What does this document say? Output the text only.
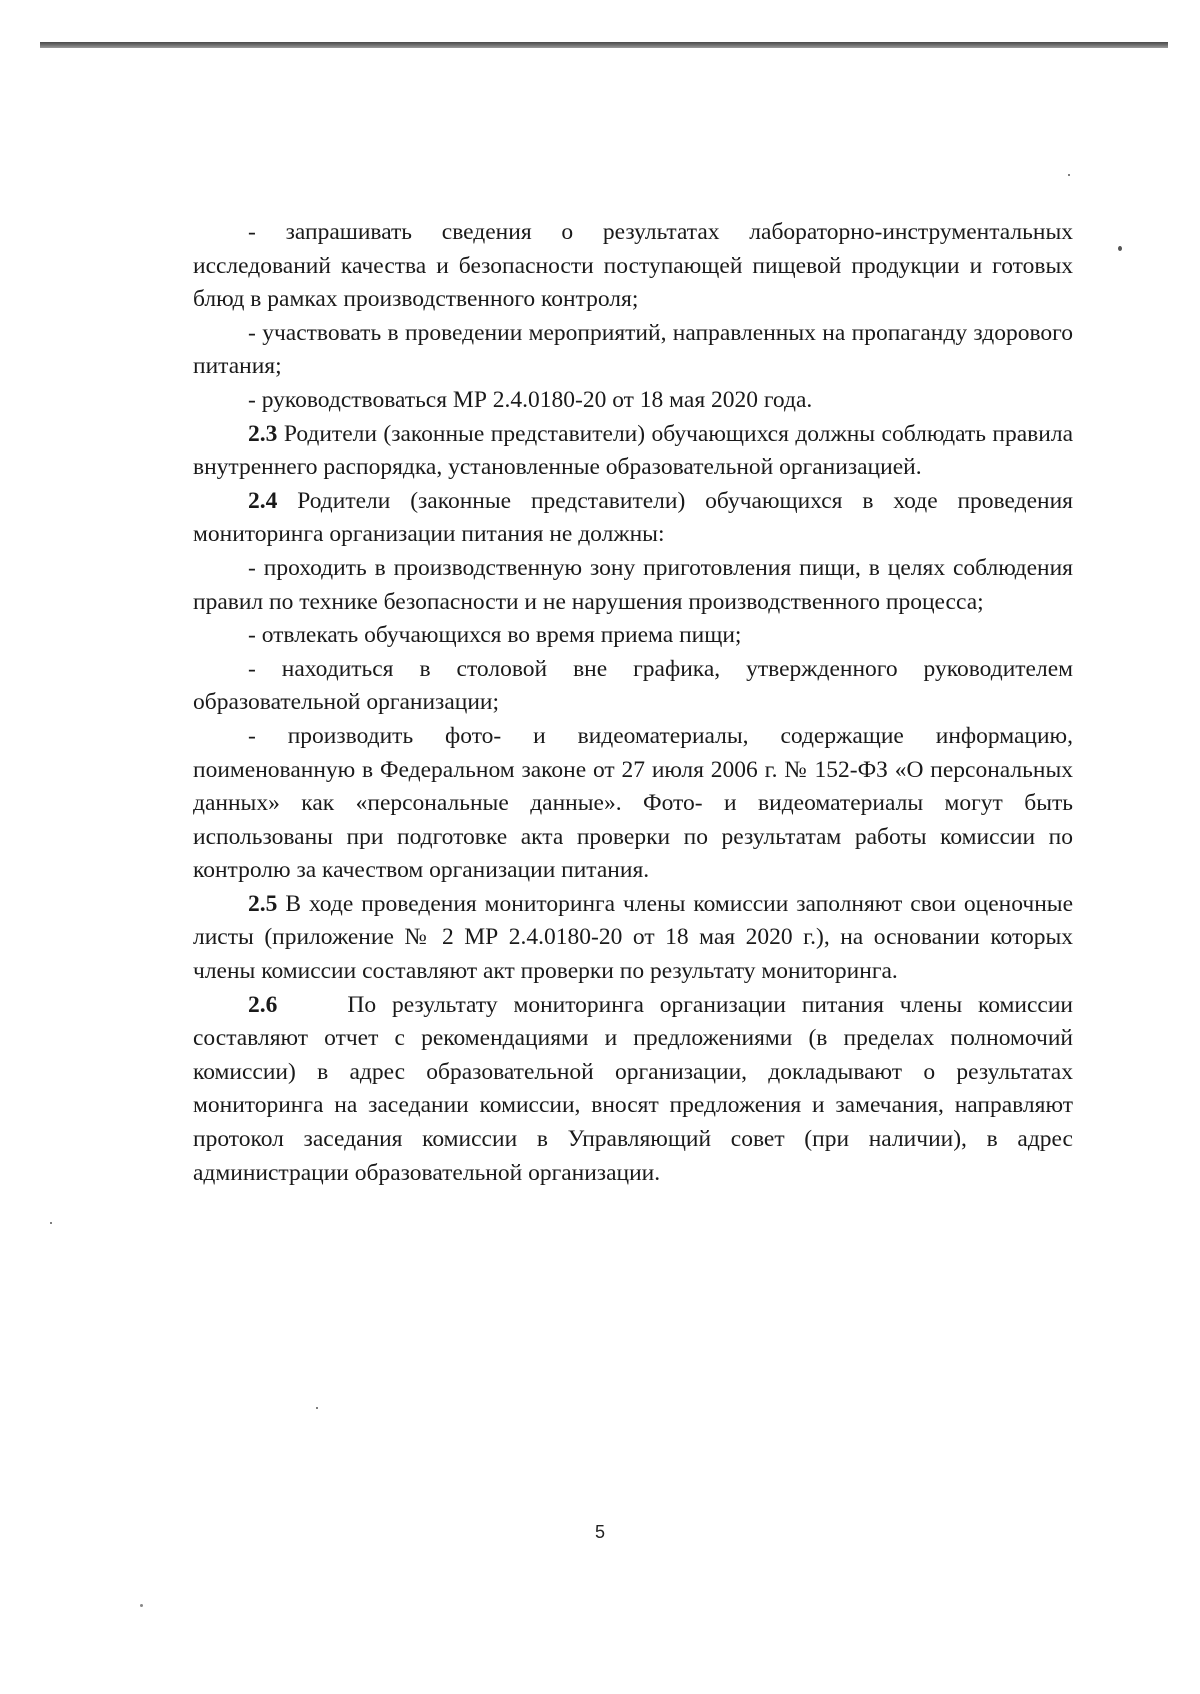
- запрашивать сведения о результатах лабораторно-инструментальных исследований качества и безопасности поступающей пищевой продукции и готовых блюд в рамках производственного контроля;

- участвовать в проведении мероприятий, направленных на пропаганду здорового питания;

- руководствоваться МР 2.4.0180-20 от 18 мая 2020 года.

2.3 Родители (законные представители) обучающихся должны соблюдать правила внутреннего распорядка, установленные образовательной организацией.

2.4 Родители (законные представители) обучающихся в ходе проведения мониторинга организации питания не должны:

- проходить в производственную зону приготовления пищи, в целях соблюдения правил по технике безопасности и не нарушения производственного процесса;

- отвлекать обучающихся во время приема пищи;

- находиться в столовой вне графика, утвержденного руководителем образовательной организации;

- производить фото- и видеоматериалы, содержащие информацию, поименованную в Федеральном законе от 27 июля 2006 г. № 152-ФЗ «О персональных данных» как «персональные данные». Фото- и видеоматериалы могут быть использованы при подготовке акта проверки по результатам работы комиссии по контролю за качеством организации питания.

2.5 В ходе проведения мониторинга члены комиссии заполняют свои оценочные листы (приложение № 2 МР 2.4.0180-20 от 18 мая 2020 г.), на основании которых члены комиссии составляют акт проверки по результату мониторинга.

2.6	По результату мониторинга организации питания члены комиссии составляют отчет с рекомендациями и предложениями (в пределах полномочий комиссии) в адрес образовательной организации, докладывают о результатах мониторинга на заседании комиссии, вносят предложения и замечания, направляют протокол заседания комиссии в Управляющий совет (при наличии), в адрес администрации образовательной организации.

5
